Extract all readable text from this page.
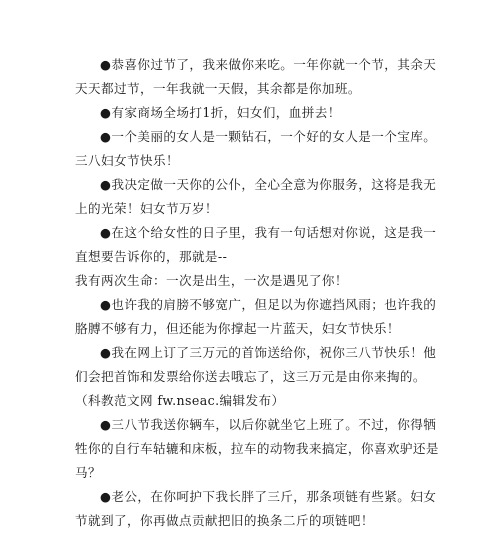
●恭喜你过节了，我来做你来吃。一年你就一个节，其余天
天天都过节，一年我就一天假，其余都是你加班。
●有家商场全场打1折，妇女们，血拼去！
●一个美丽的女人是一颗钻石，一个好的女人是一个宝库。
三八妇女节快乐！
●我决定做一天你的公仆，全心全意为你服务，这将是我无
上的光荣！妇女节万岁！
●在这个给女性的日子里，我有一句话想对你说，这是我一
直想要告诉你的，那就是--
我有两次生命：一次是出生，一次是遇见了你！
●也许我的肩膀不够宽广，但足以为你遮挡风雨；也许我的
胳膊不够有力，但还能为你撑起一片蓝天，妇女节快乐！
●我在网上订了三万元的首饰送给你，祝你三八节快乐！他
们会把首饰和发票给你送去哦忘了，这三万元是由你来掏的。
（科教范文网 fw.nseac.编辑发布）
●三八节我送你辆车，以后你就坐它上班了。不过，你得牺
牲你的自行车轱辘和床板，拉车的动物我来搞定，你喜欢驴还是
马？
●老公，在你呵护下我长胖了三斤，那条项链有些紧。妇女
节就到了，你再做点贡献把旧的换条二斤的项链吧！
